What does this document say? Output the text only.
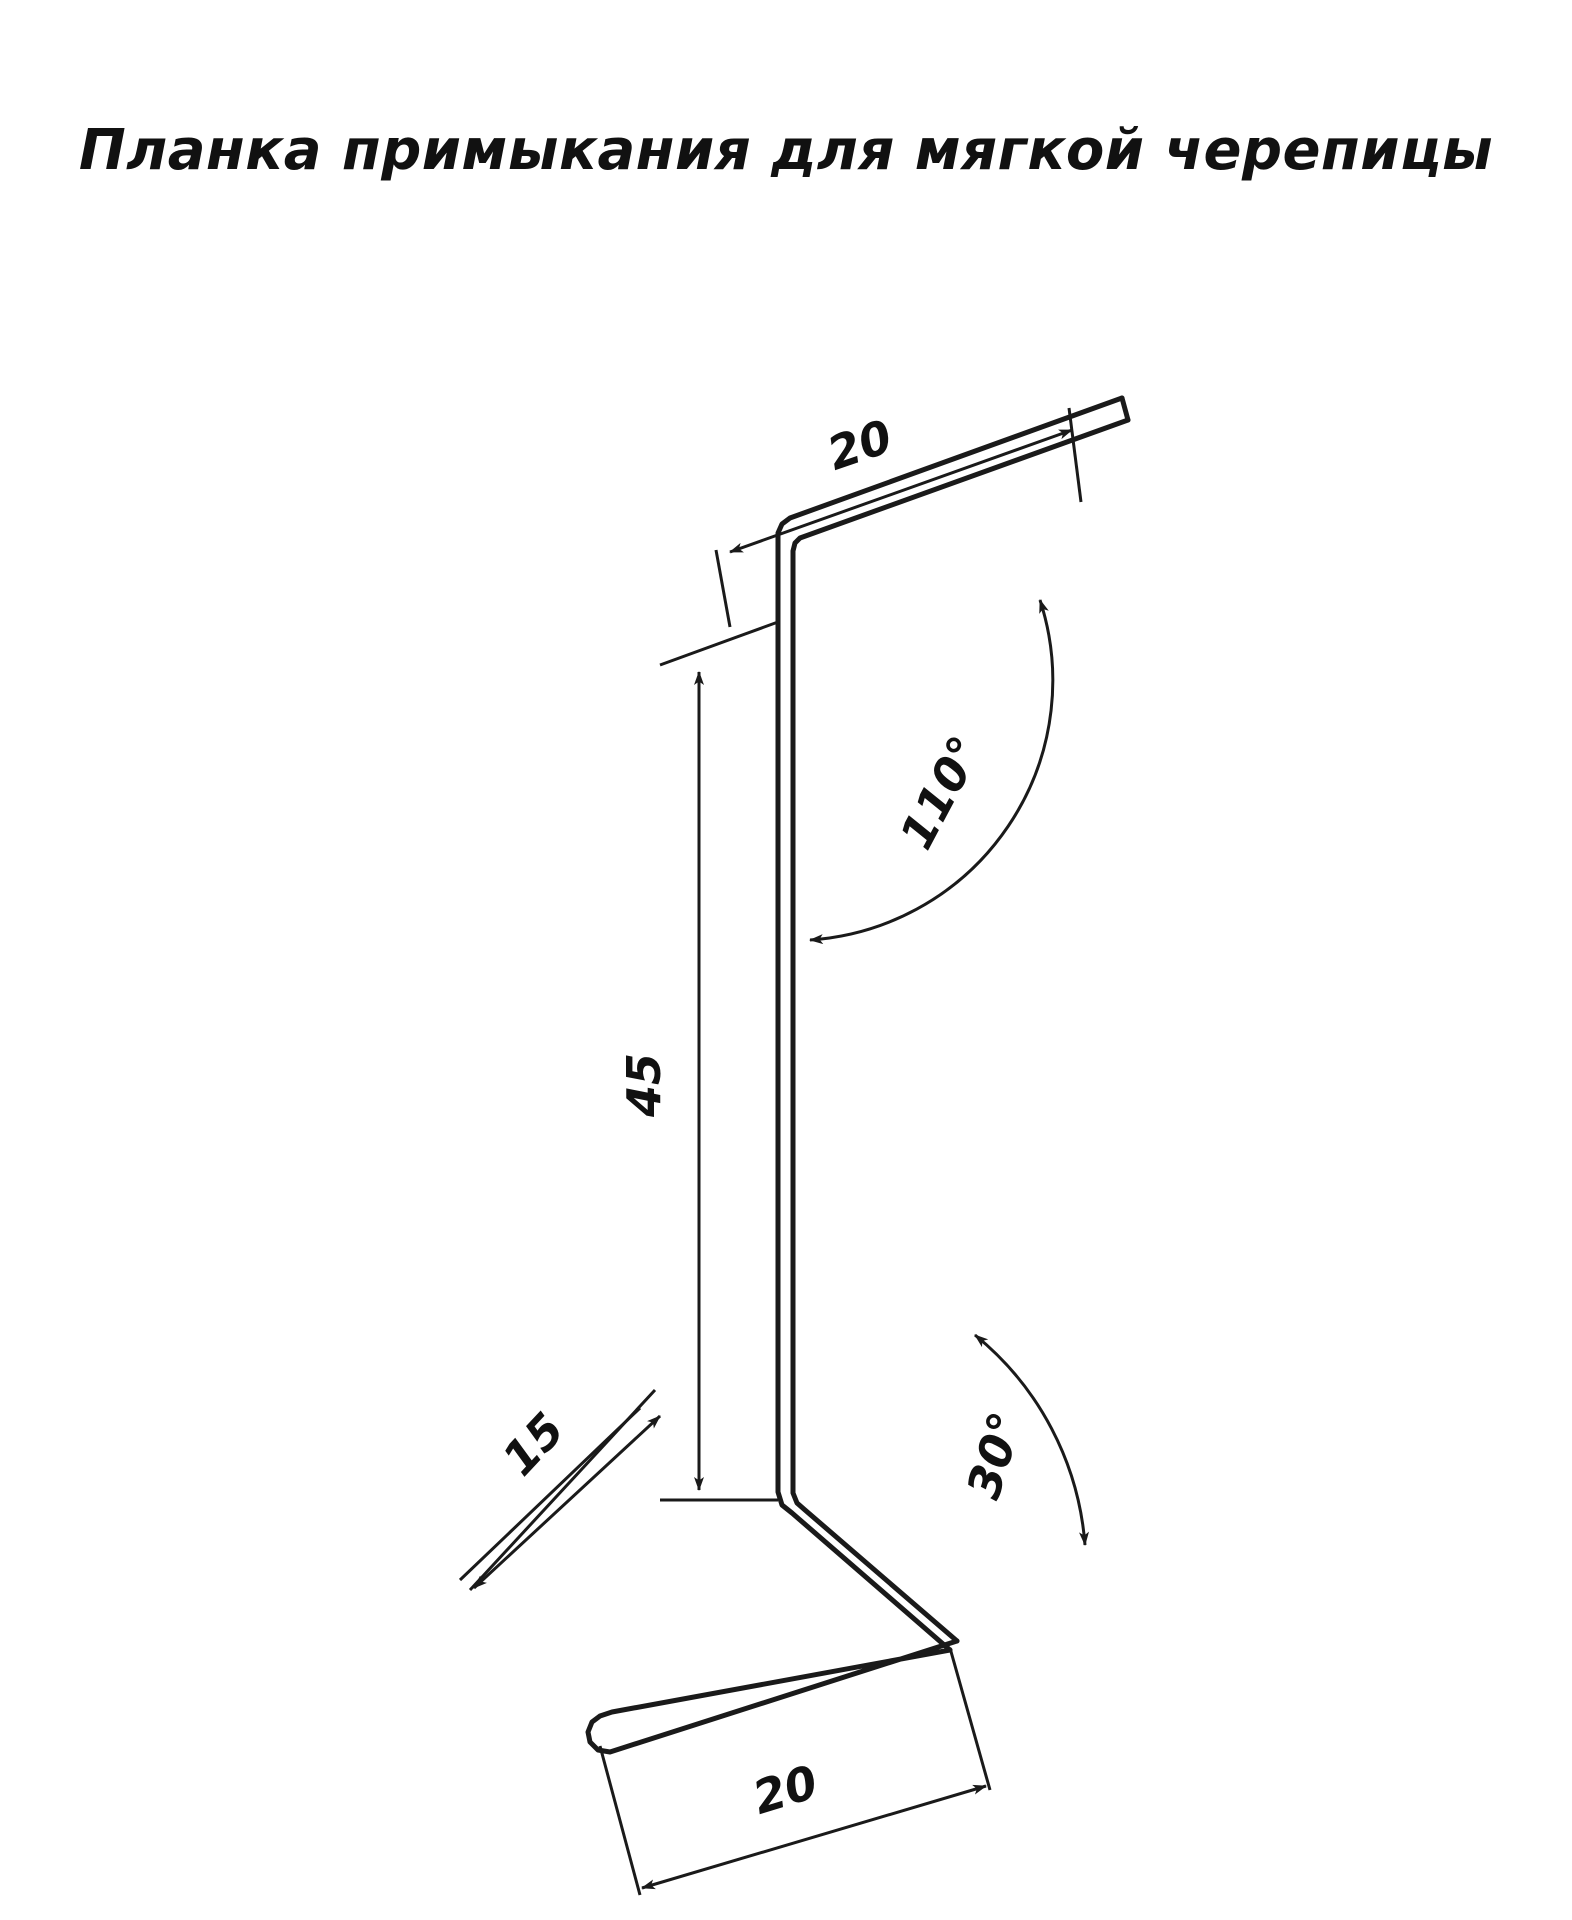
Планка примыкания для мягкой черепицы
20
45
15
20
110°
30°
